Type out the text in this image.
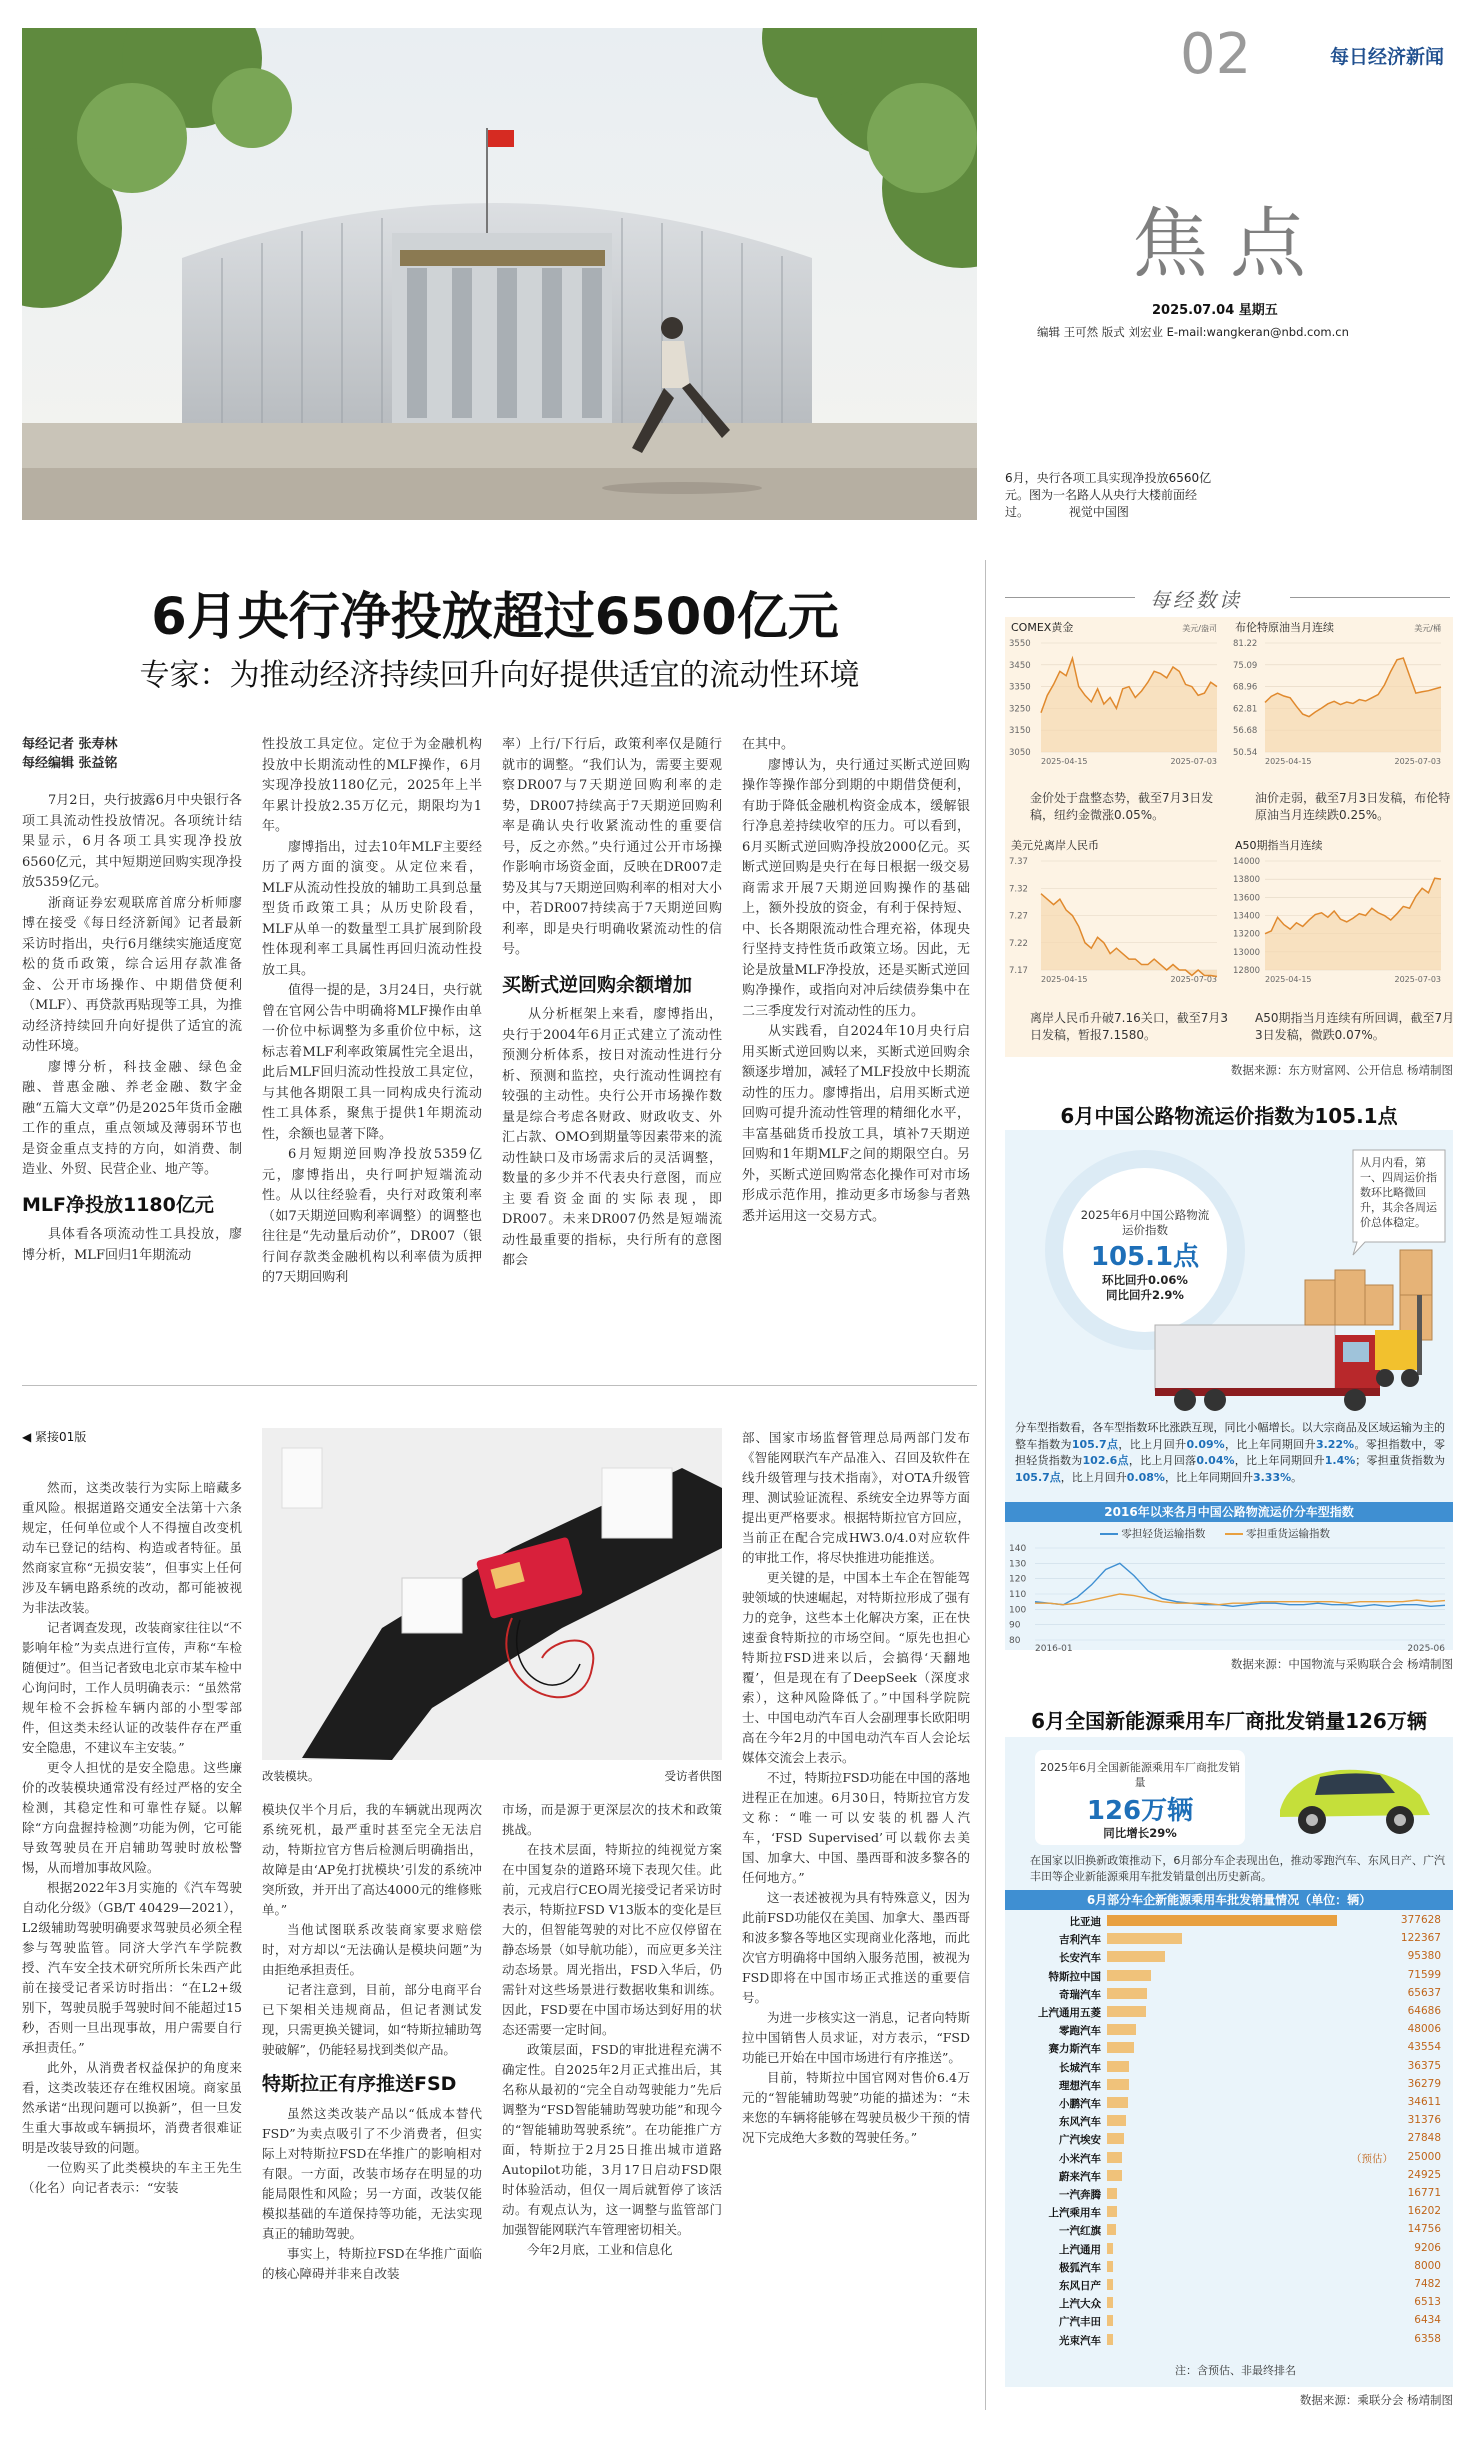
02	每日经济新闻
焦点
2025.07.04 星期五
编辑 王可然 版式 刘宏业 E-mail:wangkeran@nbd.com.cn
6月，央行各项工具实现净投放6560亿元。图为一名路人从央行大楼前面经过。	视觉中国图
6月央行净投放超过6500亿元
专家：为推动经济持续回升向好提供适宜的流动性环境
每经记者 张寿林
每经编辑 张益铭

7月2日，央行披露6月中央银行各项工具流动性投放情况。各项统计结果显示，6月各项工具实现净投放6560亿元，其中短期逆回购实现净投放5359亿元。

浙商证券宏观联席首席分析师廖博在接受《每日经济新闻》记者最新采访时指出，央行6月继续实施适度宽松的货币政策，综合运用存款准备金、公开市场操作、中期借贷便利（MLF）、再贷款再贴现等工具，为推动经济持续回升向好提供了适宜的流动性环境。

廖博分析，科技金融、绿色金融、普惠金融、养老金融、数字金融“五篇大文章”仍是2025年货币金融工作的重点，重点领域及薄弱环节也是资金重点支持的方向，如消费、制造业、外贸、民营企业、地产等。

MLF净投放1180亿元

具体看各项流动性工具投放，廖博分析，MLF回归1年期流动

性投放工具定位。定位于为金融机构投放中长期流动性的MLF操作，6月实现净投放1180亿元，2025年上半年累计投放2.35万亿元，期限均为1年。

廖博指出，过去10年MLF主要经历了两方面的演变。从定位来看，MLF从流动性投放的辅助工具到总量型货币政策工具；从历史阶段看，MLF从单一的数量型工具扩展到阶段性体现利率工具属性再回归流动性投放工具。

值得一提的是，3月24日，央行就曾在官网公告中明确将MLF操作由单一价位中标调整为多重价位中标，这标志着MLF利率政策属性完全退出，此后MLF回归流动性投放工具定位，与其他各期限工具一同构成央行流动性工具体系，聚焦于提供1年期流动性，余额也显著下降。

6月短期逆回购净投放5359亿元，廖博指出，央行呵护短端流动性。从以往经验看，央行对政策利率（如7天期逆回购利率调整）的调整也往往是“先动量后动价”，DR007（银行间存款类金融机构以利率债为质押的7天期回购利

率）上行/下行后，政策利率仅是随行就市的调整。“我们认为，需要主要观察DR007与7天期逆回购利率的走势，DR007持续高于7天期逆回购利率是确认央行收紧流动性的重要信号，反之亦然。”央行通过公开市场操作影响市场资金面，反映在DR007走势及其与7天期逆回购利率的相对大小中，若DR007持续高于7天期逆回购利率，即是央行明确收紧流动性的信号。

买断式逆回购余额增加

从分析框架上来看，廖博指出，央行于2004年6月正式建立了流动性预测分析体系，按日对流动性进行分析、预测和监控，央行流动性调控有较强的主动性。央行公开市场操作数量是综合考虑各财政、财政收支、外汇占款、OMO到期量等因素带来的流动性缺口及市场需求后的灵活调整，数量的多少并不代表央行意图，而应主要看资金面的实际表现，即DR007。未来DR007仍然是短端流动性最重要的指标，央行所有的意图都会

在其中。

廖博认为，央行通过买断式逆回购操作等操作部分到期的中期借贷便利，有助于降低金融机构资金成本，缓解银行净息差持续收窄的压力。可以看到，6月买断式逆回购净投放2000亿元。买断式逆回购是央行在每日根据一级交易商需求开展7天期逆回购操作的基础上，额外投放的资金，有利于保持短、中、长各期限流动性合理充裕，体现央行坚持支持性货币政策立场。因此，无论是放量MLF净投放，还是买断式逆回购净操作，或指向对冲后续债券集中在二三季度发行对流动性的压力。

从实践看，自2024年10月央行启用买断式逆回购以来，买断式逆回购余额逐步增加，减轻了MLF投放中长期流动性的压力。廖博指出，启用买断式逆回购可提升流动性管理的精细化水平，丰富基础货币投放工具，填补7天期逆回购和1年期MLF之间的期限空白。另外，买断式逆回购常态化操作可对市场形成示范作用，推动更多市场参与者熟悉并运用这一交易方式。

◀ 紧接01版

然而，这类改装行为实际上暗藏多重风险。根据道路交通安全法第十六条规定，任何单位或个人不得擅自改变机动车已登记的结构、构造或者特征。虽然商家宣称“无损安装”，但事实上任何涉及车辆电路系统的改动，都可能被视为非法改装。

记者调查发现，改装商家往往以“不影响年检”为卖点进行宣传，声称“车检随便过”。但当记者致电北京市某车检中心询问时，工作人员明确表示：“虽然常规年检不会拆检车辆内部的小型零部件，但这类未经认证的改装件存在严重安全隐患，不建议车主安装。”

更令人担忧的是安全隐患。这些廉价的改装模块通常没有经过严格的安全检测，其稳定性和可靠性存疑。以解除“方向盘握持检测”功能为例，它可能导致驾驶员在开启辅助驾驶时放松警惕，从而增加事故风险。

根据2022年3月实施的《汽车驾驶自动化分级》（GB/T 40429—2021），L2级辅助驾驶明确要求驾驶员必须全程参与驾驶监管。同济大学汽车学院教授、汽车安全技术研究所所长朱西产此前在接受记者采访时指出：“在L2+级别下，驾驶员脱手驾驶时间不能超过15秒，否则一旦出现事故，用户需要自行承担责任。”

此外，从消费者权益保护的角度来看，这类改装还存在维权困境。商家虽然承诺“出现问题可以换新”，但一旦发生重大事故或车辆损坏，消费者很难证明是改装导致的问题。

一位购买了此类模块的车主王先生（化名）向记者表示：“安装

改装模块。	受访者供图

模块仅半个月后，我的车辆就出现两次系统死机，最严重时甚至完全无法启动，特斯拉官方售后检测后明确指出，故障是由‘AP免打扰模块’引发的系统冲突所致，并开出了高达4000元的维修账单。”

当他试图联系改装商家要求赔偿时，对方却以“无法确认是模块问题”为由拒绝承担责任。

记者注意到，目前，部分电商平台已下架相关违规商品，但记者测试发现，只需更换关键词，如“特斯拉辅助驾驶破解”，仍能轻易找到类似产品。

特斯拉正有序推送FSD

虽然这类改装产品以“低成本替代FSD”为卖点吸引了不少消费者，但实际上对特斯拉FSD在华推广的影响相对有限。一方面，改装市场存在明显的功能局限性和风险；另一方面，改装仅能模拟基础的车道保持等功能，无法实现真正的辅助驾驶。

事实上，特斯拉FSD在华推广面临的核心障碍并非来自改装

市场，而是源于更深层次的技术和政策挑战。

在技术层面，特斯拉的纯视觉方案在中国复杂的道路环境下表现欠佳。此前，元戎启行CEO周光接受记者采访时表示，特斯拉FSD V13版本的变化是巨大的，但智能驾驶的对比不应仅停留在静态场景（如导航功能），而应更多关注动态场景。周光指出，FSD入华后，仍需针对这些场景进行数据收集和训练。因此，FSD要在中国市场达到好用的状态还需要一定时间。

政策层面，FSD的审批进程充满不确定性。自2025年2月正式推出后，其名称从最初的“完全自动驾驶能力”先后调整为“FSD智能辅助驾驶功能”和现今的“智能辅助驾驶系统”。在功能推广方面，特斯拉于2月25日推出城市道路Autopilot功能，3月17日启动FSD限时体验活动，但仅一周后就暂停了该活动。有观点认为，这一调整与监管部门加强智能网联汽车管理密切相关。

今年2月底，工业和信息化

部、国家市场监督管理总局两部门发布《智能网联汽车产品准入、召回及软件在线升级管理与技术指南》，对OTA升级管理、测试验证流程、系统安全边界等方面提出更严格要求。根据特斯拉官方回应，当前正在配合完成HW3.0/4.0对应软件的审批工作，将尽快推进功能推送。

更关键的是，中国本土车企在智能驾驶领域的快速崛起，对特斯拉形成了强有力的竞争，这些本土化解决方案，正在快速蚕食特斯拉的市场空间。“原先也担心特斯拉FSD进来以后，会搞得‘天翻地覆’，但是现在有了DeepSeek（深度求索），这种风险降低了。”中国科学院院士、中国电动汽车百人会副理事长欧阳明高在今年2月的中国电动汽车百人会论坛媒体交流会上表示。

不过，特斯拉FSD功能在中国的落地进程正在加速。6月30日，特斯拉官方发文称：“唯一可以安装的机器人汽车，‘FSD Supervised’可以载你去美国、加拿大、中国、墨西哥和波多黎各的任何地方。”

这一表述被视为具有特殊意义，因为此前FSD功能仅在美国、加拿大、墨西哥和波多黎各等地区实现商业化落地，而此次官方明确将中国纳入服务范围，被视为FSD即将在中国市场正式推送的重要信号。

为进一步核实这一消息，记者向特斯拉中国销售人员求证，对方表示，“FSD功能已开始在中国市场进行有序推送”。

目前，特斯拉中国官网对售价6.4万元的“智能辅助驾驶”功能的描述为：“未来您的车辆将能够在驾驶员极少干预的情况下完成绝大多数的驾驶任务。”

每经数读
COMEX黄金	美元/盎司
3550
3450
3350
3250
3150
3050
2025-04-15	2025-07-03
布伦特原油当月连续	美元/桶
81.22
75.09
68.96
62.81
56.68
50.54
2025-04-15	2025-07-03
美元兑离岸人民币
7.37
7.32
7.27
7.22
7.17
2025-04-15	2025-07-03
A50期指当月连续
14000
13800
13600
13400
13200
13000
12800
2025-04-15	2025-07-03
金价处于盘整态势，截至7月3日发稿，纽约金微涨0.05%。
油价走弱，截至7月3日发稿，布伦特原油当月连续跌0.25%。
离岸人民币升破7.16关口，截至7月3日发稿，暂报7.1580。
A50期指当月连续有所回调，截至7月3日发稿，微跌0.07%。
数据来源：东方财富网、公开信息 杨靖制图
6月中国公路物流运价指数为105.1点
从月内看，第一、四周运价指数环比略微回升，其余各周运价总体稳定。
2025年6月中国公路物流运价指数
105.1点
环比回升0.06%
同比回升2.9%
分车型指数看，各车型指数环比涨跌互现，同比小幅增长。以大宗商品及区域运输为主的整车指数为105.7点，比上月回升0.09%，比上年同期回升3.22%。零担指数中，零担轻货指数为102.6点，比上月回落0.04%，比上年同期回升1.4%；零担重货指数为105.7点，比上月回升0.08%，比上年同期回升3.33%。
2016年以来各月中国公路物流运价分车型指数
零担轻货运输指数	零担重货运输指数
140
130
120
110
100
90
80
2016-01	2025-06
数据来源：中国物流与采购联合会 杨靖制图
6月全国新能源乘用车厂商批发销量126万辆
2025年6月全国新能源乘用车厂商批发销量
126万辆
同比增长29%
在国家以旧换新政策推动下，6月部分车企表现出色，推动零跑汽车、东风日产、广汽丰田等企业新能源乘用车批发销量创出历史新高。
6月部分车企新能源乘用车批发销量情况（单位：辆）
比亚迪	377628
吉利汽车	122367
长安汽车	95380
特斯拉中国	71599
奇瑞汽车	65637
上汽通用五菱	64686
零跑汽车	48006
赛力斯汽车	43554
长城汽车	36375
理想汽车	36279
小鹏汽车	34611
东风汽车	31376
广汽埃安	27848
小米汽车	25000
（预估）
蔚来汽车	24925
一汽奔腾	16771
上汽乘用车	16202
一汽红旗	14756
上汽通用	9206
极狐汽车	8000
东风日产	7482
上汽大众	6513
广汽丰田	6434
光束汽车	6358
注：含预估、非最终排名
数据来源：乘联分会 杨靖制图
